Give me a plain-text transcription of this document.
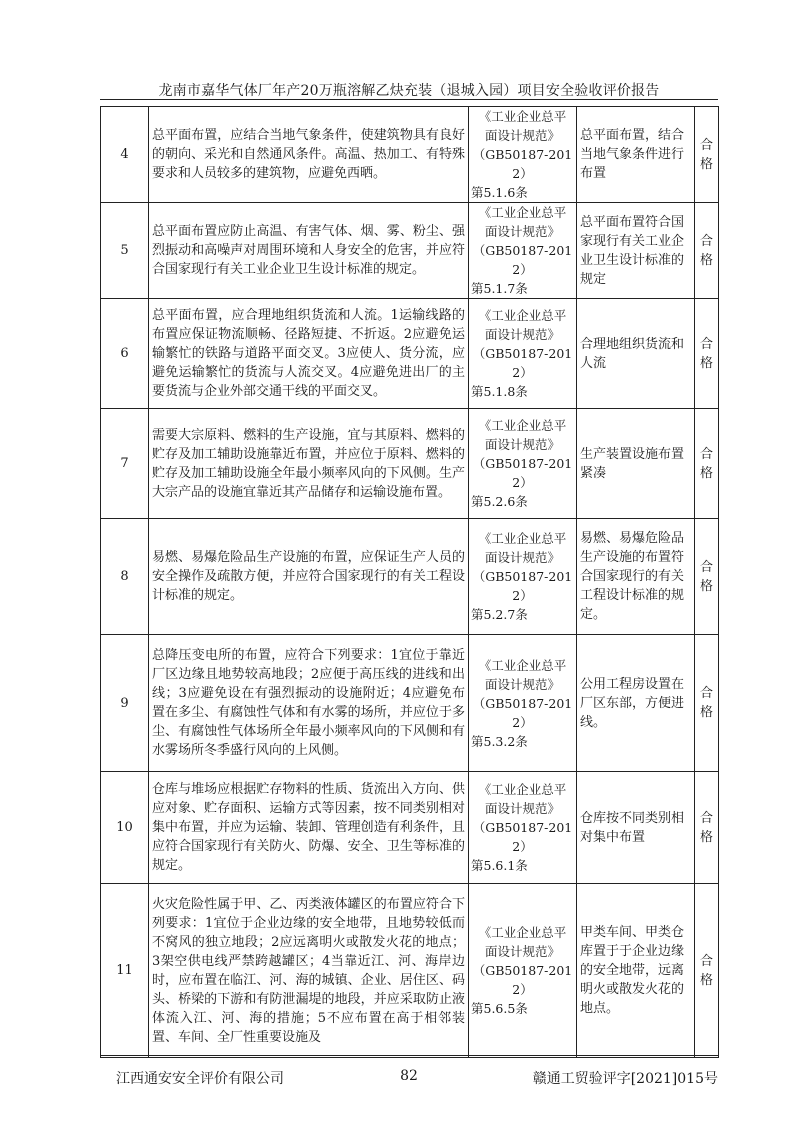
龙南市嘉华气体厂年产20万瓶溶解乙炔充装（退城入园）项目安全验收评价报告
4	总平面布置，应结合当地气象条件，使建筑物具有良好的朝向、采光和自然通风条件。高温、热加工、有特殊要求和人员较多的建筑物，应避免西晒。	《工业企业总平
面设计规范》
（GB50187-2012）
第5.1.6条	总平面布置，结合当地气象条件进行布置	合格
5	总平面布置应防止高温、有害气体、烟、雾、粉尘、强烈振动和高噪声对周围环境和人身安全的危害，并应符合国家现行有关工业企业卫生设计标准的规定。	《工业企业总平
面设计规范》
（GB50187-2012）
第5.1.7条	总平面布置符合国家现行有关工业企业卫生设计标准的规定	合格
6	总平面布置，应合理地组织货流和人流。1运输线路的布置应保证物流顺畅、径路短捷、不折返。2应避免运输繁忙的铁路与道路平面交叉。3应使人、货分流，应避免运输繁忙的货流与人流交叉。4应避免进出厂的主要货流与企业外部交通干线的平面交叉。	《工业企业总平
面设计规范》
（GB50187-2012）
第5.1.8条	合理地组织货流和人流	合格
7	需要大宗原料、燃料的生产设施，宜与其原料、燃料的贮存及加工辅助设施靠近布置，并应位于原料、燃料的贮存及加工辅助设施全年最小频率风向的下风侧。生产大宗产品的设施宜靠近其产品储存和运输设施布置。	《工业企业总平
面设计规范》
（GB50187-2012）
第5.2.6条	生产装置设施布置紧凑	合格
8	易燃、易爆危险品生产设施的布置，应保证生产人员的安全操作及疏散方便，并应符合国家现行的有关工程设计标准的规定。	《工业企业总平
面设计规范》
（GB50187-2012）
第5.2.7条	易燃、易爆危险品生产设施的布置符合国家现行的有关工程设计标准的规定。	合格
9	总降压变电所的布置，应符合下列要求：1宜位于靠近厂区边缘且地势较高地段；2应便于高压线的进线和出线；3应避免设在有强烈振动的设施附近；4应避免布置在多尘、有腐蚀性气体和有水雾的场所，并应位于多尘、有腐蚀性气体场所全年最小频率风向的下风侧和有水雾场所冬季盛行风向的上风侧。	《工业企业总平
面设计规范》
（GB50187-2012）
第5.3.2条	公用工程房设置在厂区东部，方便进线。	合格
10	仓库与堆场应根据贮存物料的性质、货流出入方向、供应对象、贮存面积、运输方式等因素，按不同类别相对集中布置，并应为运输、装卸、管理创造有利条件，且应符合国家现行有关防火、防爆、安全、卫生等标准的规定。	《工业企业总平
面设计规范》
（GB50187-2012）
第5.6.1条	仓库按不同类别相对集中布置	合格
11	火灾危险性属于甲、乙、丙类液体罐区的布置应符合下列要求：1宜位于企业边缘的安全地带，且地势较低而不窝风的独立地段；2应远离明火或散发火花的地点；3架空供电线严禁跨越罐区；4当靠近江、河、海岸边时，应布置在临江、河、海的城镇、企业、居住区、码头、桥梁的下游和有防泄漏堤的地段，并应采取防止液体流入江、河、海的措施；5不应布置在高于相邻装置、车间、全厂性重要设施及	《工业企业总平
面设计规范》
（GB50187-2012）
第5.6.5条	甲类车间、甲类仓库置于于企业边缘的安全地带，远离明火或散发火花的地点。	合格
江西通安安全评价有限公司	82	赣通工贸验评字[2021]015号
